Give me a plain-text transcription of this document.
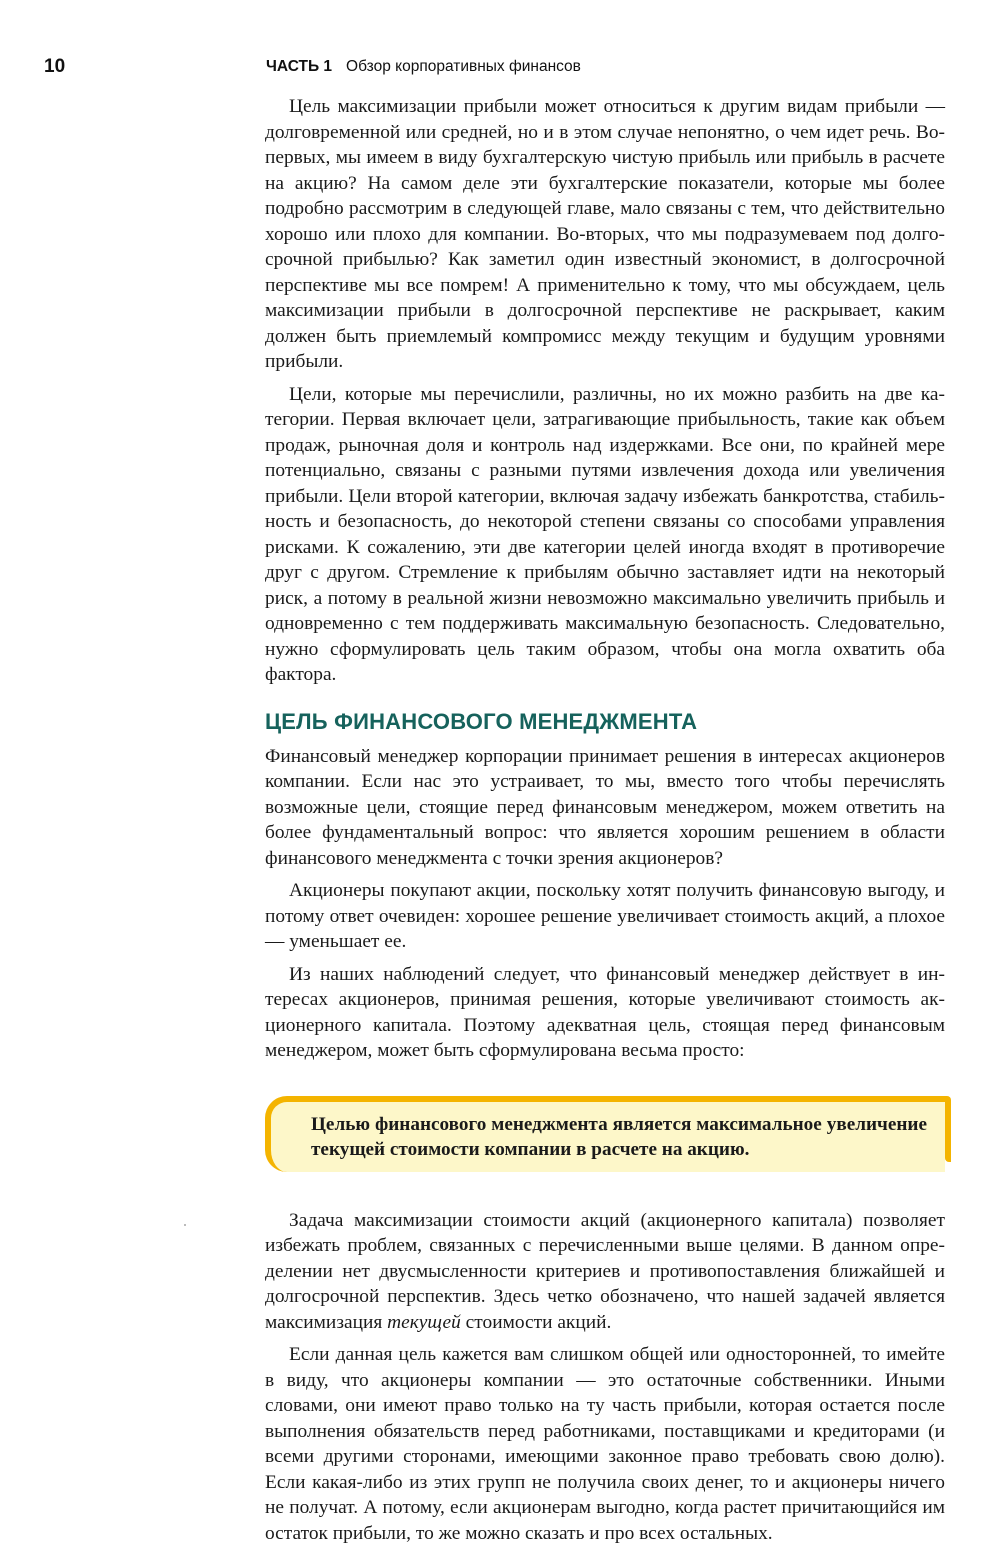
10	ЧАСТЬ 1 Обзор корпоративных финансов

Цель максимизации прибыли может относиться к другим видам прибыли — долговременной или средней, но и в этом случае непонятно, о чем идет речь. Во-первых, мы имеем в виду бухгалтерскую чистую прибыль или прибыль в расчете на акцию? На самом деле эти бухгалтерские показатели, которые мы более подробно рассмотрим в следующей главе, мало связаны с тем, что действительно хорошо или плохо для компании. Во-вторых, что мы подразумеваем под долгосрочной прибылью? Как заметил один известный экономист, в долгосрочной перспективе мы все помрем! А применительно к тому, что мы обсуждаем, цель максимизации прибыли в долгосрочной перспективе не раскрывает, каким должен быть приемлемый компромисс между текущим и будущим уровнями прибыли.

Цели, которые мы перечислили, различны, но их можно разбить на две категории. Первая включает цели, затрагивающие прибыльность, такие как объем продаж, рыночная доля и контроль над издержками. Все они, по крайней мере потенциально, связаны с разными путями извлечения дохода или увеличения прибыли. Цели второй категории, включая задачу избежать банкротства, стабильность и безопасность, до некоторой степени связаны со способами управления рисками. К сожалению, эти две категории целей иногда входят в противоречие друг с другом. Стремление к прибылям обычно заставляет идти на некоторый риск, а потому в реальной жизни невозможно максимально увеличить прибыль и одновременно с тем поддерживать максимальную безопасность. Следовательно, нужно сформулировать цель таким образом, чтобы она могла охватить оба фактора.

ЦЕЛЬ ФИНАНСОВОГО МЕНЕДЖМЕНТА

Финансовый менеджер корпорации принимает решения в интересах акционеров компании. Если нас это устраивает, то мы, вместо того чтобы перечислять возможные цели, стоящие перед финансовым менеджером, можем ответить на более фундаментальный вопрос: что является хорошим решением в области финансового менеджмента с точки зрения акционеров?

Акционеры покупают акции, поскольку хотят получить финансовую выгоду, и потому ответ очевиден: хорошее решение увеличивает стоимость акций, а плохое — уменьшает ее.

Из наших наблюдений следует, что финансовый менеджер действует в интересах акционеров, принимая решения, которые увеличивают стоимость акционерного капитала. Поэтому адекватная цель, стоящая перед финансовым менеджером, может быть сформулирована весьма просто:

Целью финансового менеджмента является максимальное увеличение текущей стоимости компании в расчете на акцию.

Задача максимизации стоимости акций (акционерного капитала) позволяет избежать проблем, связанных с перечисленными выше целями. В данном определении нет двусмысленности критериев и противопоставления ближайшей и долгосрочной перспектив. Здесь четко обозначено, что нашей задачей является максимизация текущей стоимости акций.

Если данная цель кажется вам слишком общей или односторонней, то имейте в виду, что акционеры компании — это остаточные собственники. Иными словами, они имеют право только на ту часть прибыли, которая остается после выполнения обязательств перед работниками, поставщиками и кредиторами (и всеми другими сторонами, имеющими законное право требовать свою долю). Если какая-либо из этих групп не получила своих денег, то и акционеры ничего не получат. А потому, если акционерам выгодно, когда растет причитающийся им остаток прибыли, то же можно сказать и про всех остальных.
